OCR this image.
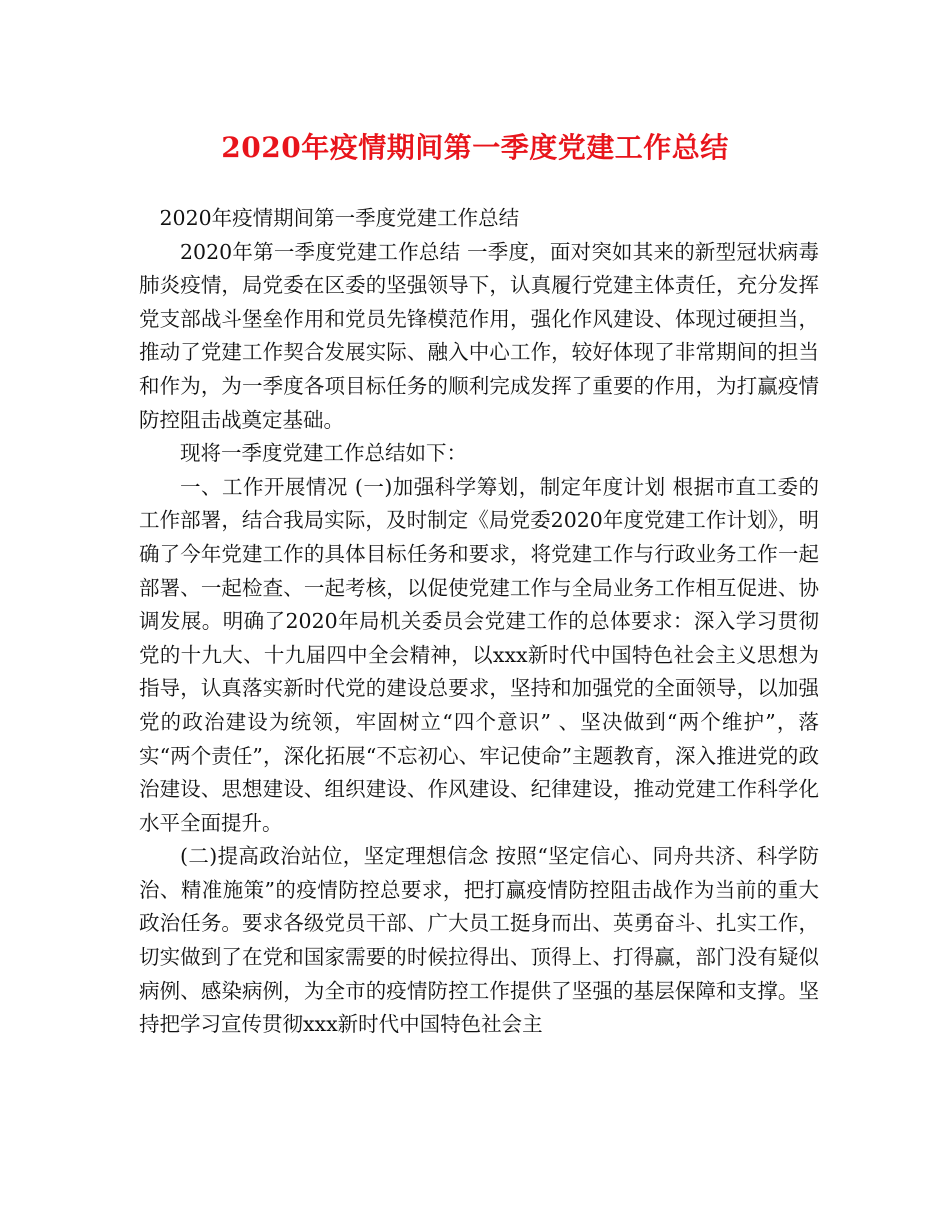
2020年疫情期间第一季度党建工作总结

2020年疫情期间第一季度党建工作总结

2020年第一季度党建工作总结 一季度，面对突如其来的新型冠状病毒肺炎疫情，局党委在区委的坚强领导下，认真履行党建主体责任，充分发挥党支部战斗堡垒作用和党员先锋模范作用，强化作风建设、体现过硬担当，推动了党建工作契合发展实际、融入中心工作，较好体现了非常期间的担当和作为，为一季度各项目标任务的顺利完成发挥了重要的作用，为打赢疫情防控阻击战奠定基础。

现将一季度党建工作总结如下：

一、工作开展情况 (一)加强科学筹划，制定年度计划 根据市直工委的工作部署，结合我局实际，及时制定《局党委2020年度党建工作计划》，明确了今年党建工作的具体目标任务和要求，将党建工作与行政业务工作一起部署、一起检查、一起考核，以促使党建工作与全局业务工作相互促进、协调发展。明确了2020年局机关委员会党建工作的总体要求：深入学习贯彻党的十九大、十九届四中全会精神，以xxx新时代中国特色社会主义思想为指导，认真落实新时代党的建设总要求，坚持和加强党的全面领导，以加强党的政治建设为统领，牢固树立“四个意识” 、坚决做到“两个维护”，落实“两个责任”，深化拓展“不忘初心、牢记使命”主题教育，深入推进党的政治建设、思想建设、组织建设、作风建设、纪律建设，推动党建工作科学化水平全面提升。

(二)提高政治站位，坚定理想信念 按照“坚定信心、同舟共济、科学防治、精准施策”的疫情防控总要求，把打赢疫情防控阻击战作为当前的重大政治任务。要求各级党员干部、广大员工挺身而出、英勇奋斗、扎实工作，切实做到了在党和国家需要的时候拉得出、顶得上、打得赢，部门没有疑似病例、感染病例，为全市的疫情防控工作提供了坚强的基层保障和支撑。坚持把学习宣传贯彻xxx新时代中国特色社会主
